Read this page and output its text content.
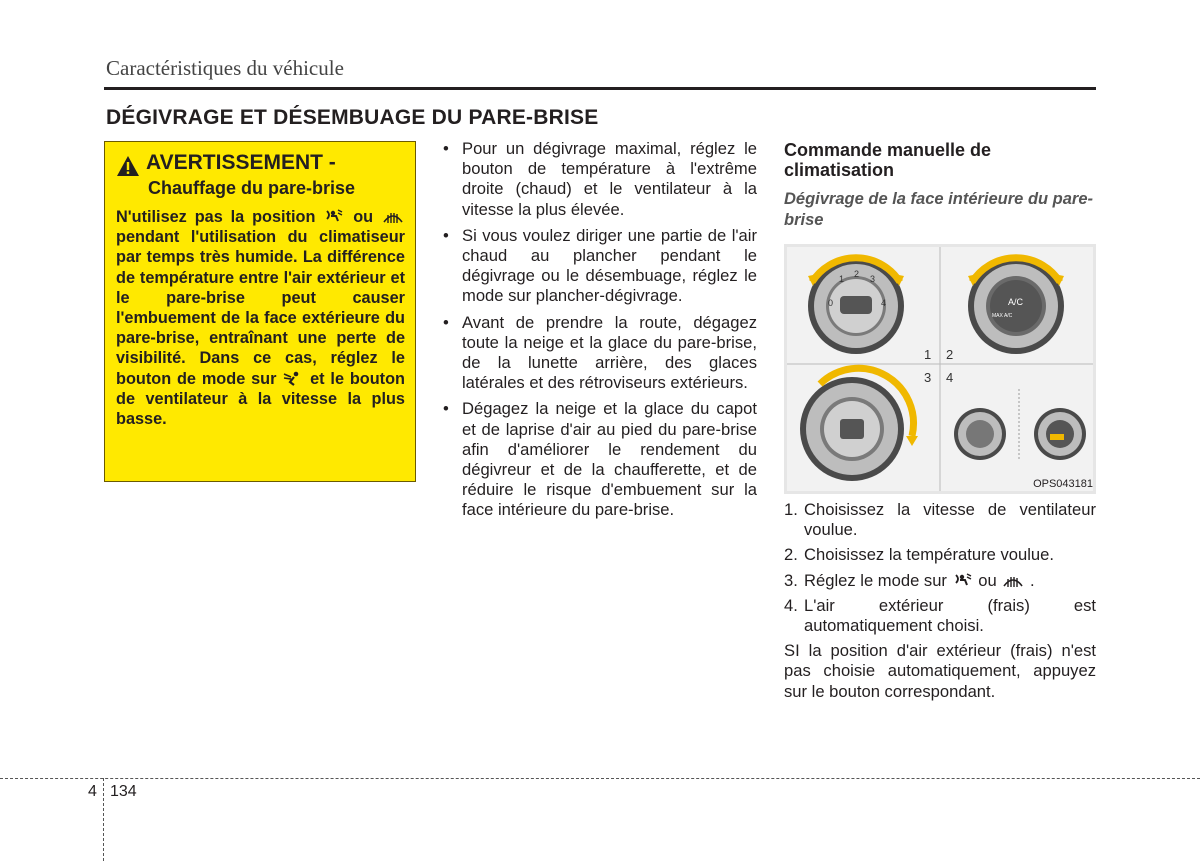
Caractéristiques du véhicule
DÉGIVRAGE ET DÉSEMBUAGE DU PARE-BRISE
AVERTISSEMENT -
Chauffage du pare-brise
N'utilisez pas la position ou  pendant l'utilisation du climatiseur par temps très humide. La différence de température entre l'air extérieur et le pare-brise peut causer l'embuement de la face extérieure du pare-brise, entraînant une perte de visibilité. Dans ce cas, réglez le bouton de mode sur et le bouton de ventilateur à la vitesse la plus basse.
• Pour un dégivrage maximal, réglez le bouton de température à l'extrême droite (chaud) et le ventilateur à la vitesse la plus élevée.
• Si vous voulez diriger une partie de l'air chaud au plancher pendant le dégivrage ou le désembuage, réglez le mode sur plancher-dégivrage.
• Avant de prendre la route, dégagez toute la neige et la glace du pare-brise, de la lunette arrière, des glaces latérales et des rétroviseurs extérieurs.
• Dégagez la neige et la glace du capot et de laprise d'air au pied du pare-brise afin d'améliorer le rendement du dégivreur et de la chaufferette, et de réduire le risque d'embuement sur la face intérieure du pare-brise.
Commande manuelle de climatisation
Dégivrage de la face intérieure du pare-brise
0
1 2 3
4	A/C
MAX A/C
1 2
3 4
OPS043181
1. Choisissez la vitesse de ventilateur voulue.
2. Choisissez la température voulue.
3. Réglez le mode sur ou .
4. L'air extérieur (frais) est automatiquement choisi.
SI la position d'air extérieur (frais) n'est pas choisie automatiquement, appuyez sur le bouton correspondant.
4 134
